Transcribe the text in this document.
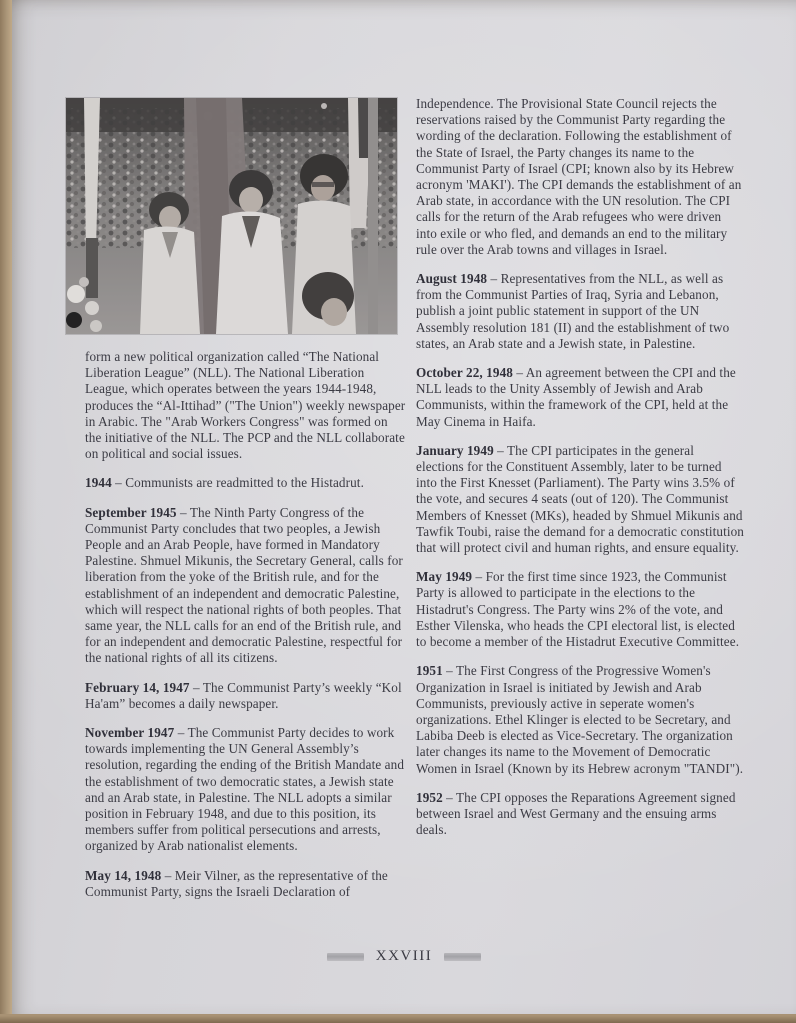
form a new political organization called “The National Liberation League” (NLL). The National Liberation League, which operates between the years 1944-1948, produces the “Al-Ittihad” ("The Union") weekly newspaper in Arabic. The "Arab Workers Congress" was formed on the initiative of the NLL. The PCP and the NLL collaborate on political and social issues.

1944 – Communists are readmitted to the Histadrut.

September 1945 – The Ninth Party Congress of the Communist Party concludes that two peoples, a Jewish People and an Arab People, have formed in Mandatory Palestine. Shmuel Mikunis, the Secretary General, calls for liberation from the yoke of the British rule, and for the establishment of an independent and democratic Palestine, which will respect the national rights of both peoples. That same year, the NLL calls for an end of the British rule, and for an independent and democratic Palestine, respectful for the national rights of all its citizens.

February 14, 1947 – The Communist Party’s weekly “Kol Ha'am” becomes a daily newspaper.

November 1947 – The Communist Party decides to work towards implementing the UN General Assembly’s resolution, regarding the ending of the British Mandate and the establishment of two democratic states, a Jewish state and an Arab state, in Palestine. The NLL adopts a similar position in February 1948, and due to this position, its members suffer from political persecutions and arrests, organized by Arab nationalist elements.

May 14, 1948 – Meir Vilner, as the representative of the Communist Party, signs the Israeli Declaration of

Independence. The Provisional State Council rejects the reservations raised by the Communist Party regarding the wording of the declaration. Following the establishment of the State of Israel, the Party changes its name to the Communist Party of Israel (CPI; known also by its Hebrew acronym 'MAKI'). The CPI demands the establishment of an Arab state, in accordance with the UN resolution. The CPI calls for the return of the Arab refugees who were driven into exile or who fled, and demands an end to the military rule over the Arab towns and villages in Israel.

August 1948 – Representatives from the NLL, as well as from the Communist Parties of Iraq, Syria and Lebanon, publish a joint public statement in support of the UN Assembly resolution 181 (II) and the establishment of two states, an Arab state and a Jewish state, in Palestine.

October 22, 1948 – An agreement between the CPI and the NLL leads to the Unity Assembly of Jewish and Arab Communists, within the framework of the CPI, held at the May Cinema in Haifa.

January 1949 – The CPI participates in the general elections for the Constituent Assembly, later to be turned into the First Knesset (Parliament). The Party wins 3.5% of the vote, and secures 4 seats (out of 120). The Communist Members of Knesset (MKs), headed by Shmuel Mikunis and Tawfik Toubi, raise the demand for a democratic constitution that will protect civil and human rights, and ensure equality.

May 1949 – For the first time since 1923, the Communist Party is allowed to participate in the elections to the Histadrut's Congress. The Party wins 2% of the vote, and Esther Vilenska, who heads the CPI electoral list, is elected to become a member of the Histadrut Executive Committee.

1951 – The First Congress of the Progressive Women's Organization in Israel is initiated by Jewish and Arab Communists, previously active in seperate women's organizations. Ethel Klinger is elected to be Secretary, and Labiba Deeb is elected as Vice-Secretary. The organization later changes its name to the Movement of Democratic Women in Israel (Known by its Hebrew acronym "TANDI").

1952 – The CPI opposes the Reparations Agreement signed between Israel and West Germany and the ensuing arms deals.

XXVIII
